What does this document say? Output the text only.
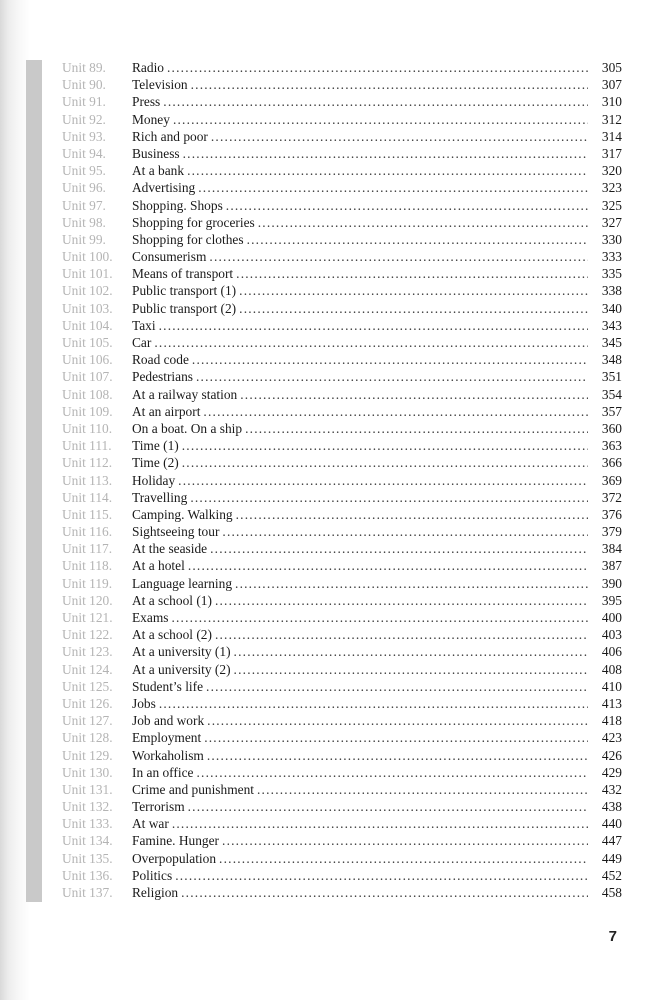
Unit 89.	Radio .....	305
Unit 90.	Television .....	307
Unit 91.	Press .....	310
Unit 92.	Money .....	312
Unit 93.	Rich and poor .....	314
Unit 94.	Business .....	317
Unit 95.	At a bank .....	320
Unit 96.	Advertising .....	323
Unit 97.	Shopping. Shops .....	325
Unit 98.	Shopping for groceries .....	327
Unit 99.	Shopping for clothes .....	330
Unit 100.	Consumerism .....	333
Unit 101.	Means of transport .....	335
Unit 102.	Public transport (1) .....	338
Unit 103.	Public transport (2) .....	340
Unit 104.	Taxi .....	343
Unit 105.	Car .....	345
Unit 106.	Road code .....	348
Unit 107.	Pedestrians .....	351
Unit 108.	At a railway station .....	354
Unit 109.	At an airport .....	357
Unit 110.	On a boat. On a ship .....	360
Unit 111.	Time (1) .....	363
Unit 112.	Time (2) .....	366
Unit 113.	Holiday .....	369
Unit 114.	Travelling .....	372
Unit 115.	Camping. Walking .....	376
Unit 116.	Sightseeing tour .....	379
Unit 117.	At the seaside .....	384
Unit 118.	At a hotel .....	387
Unit 119.	Language learning .....	390
Unit 120.	At a school (1) .....	395
Unit 121.	Exams .....	400
Unit 122.	At a school (2) .....	403
Unit 123.	At a university (1) .....	406
Unit 124.	At a university (2) .....	408
Unit 125.	Student’s life .....	410
Unit 126.	Jobs .....	413
Unit 127.	Job and work .....	418
Unit 128.	Employment .....	423
Unit 129.	Workaholism .....	426
Unit 130.	In an office .....	429
Unit 131.	Crime and punishment .....	432
Unit 132.	Terrorism .....	438
Unit 133.	At war .....	440
Unit 134.	Famine. Hunger .....	447
Unit 135.	Overpopulation .....	449
Unit 136.	Politics .....	452
Unit 137.	Religion .....	458
7
